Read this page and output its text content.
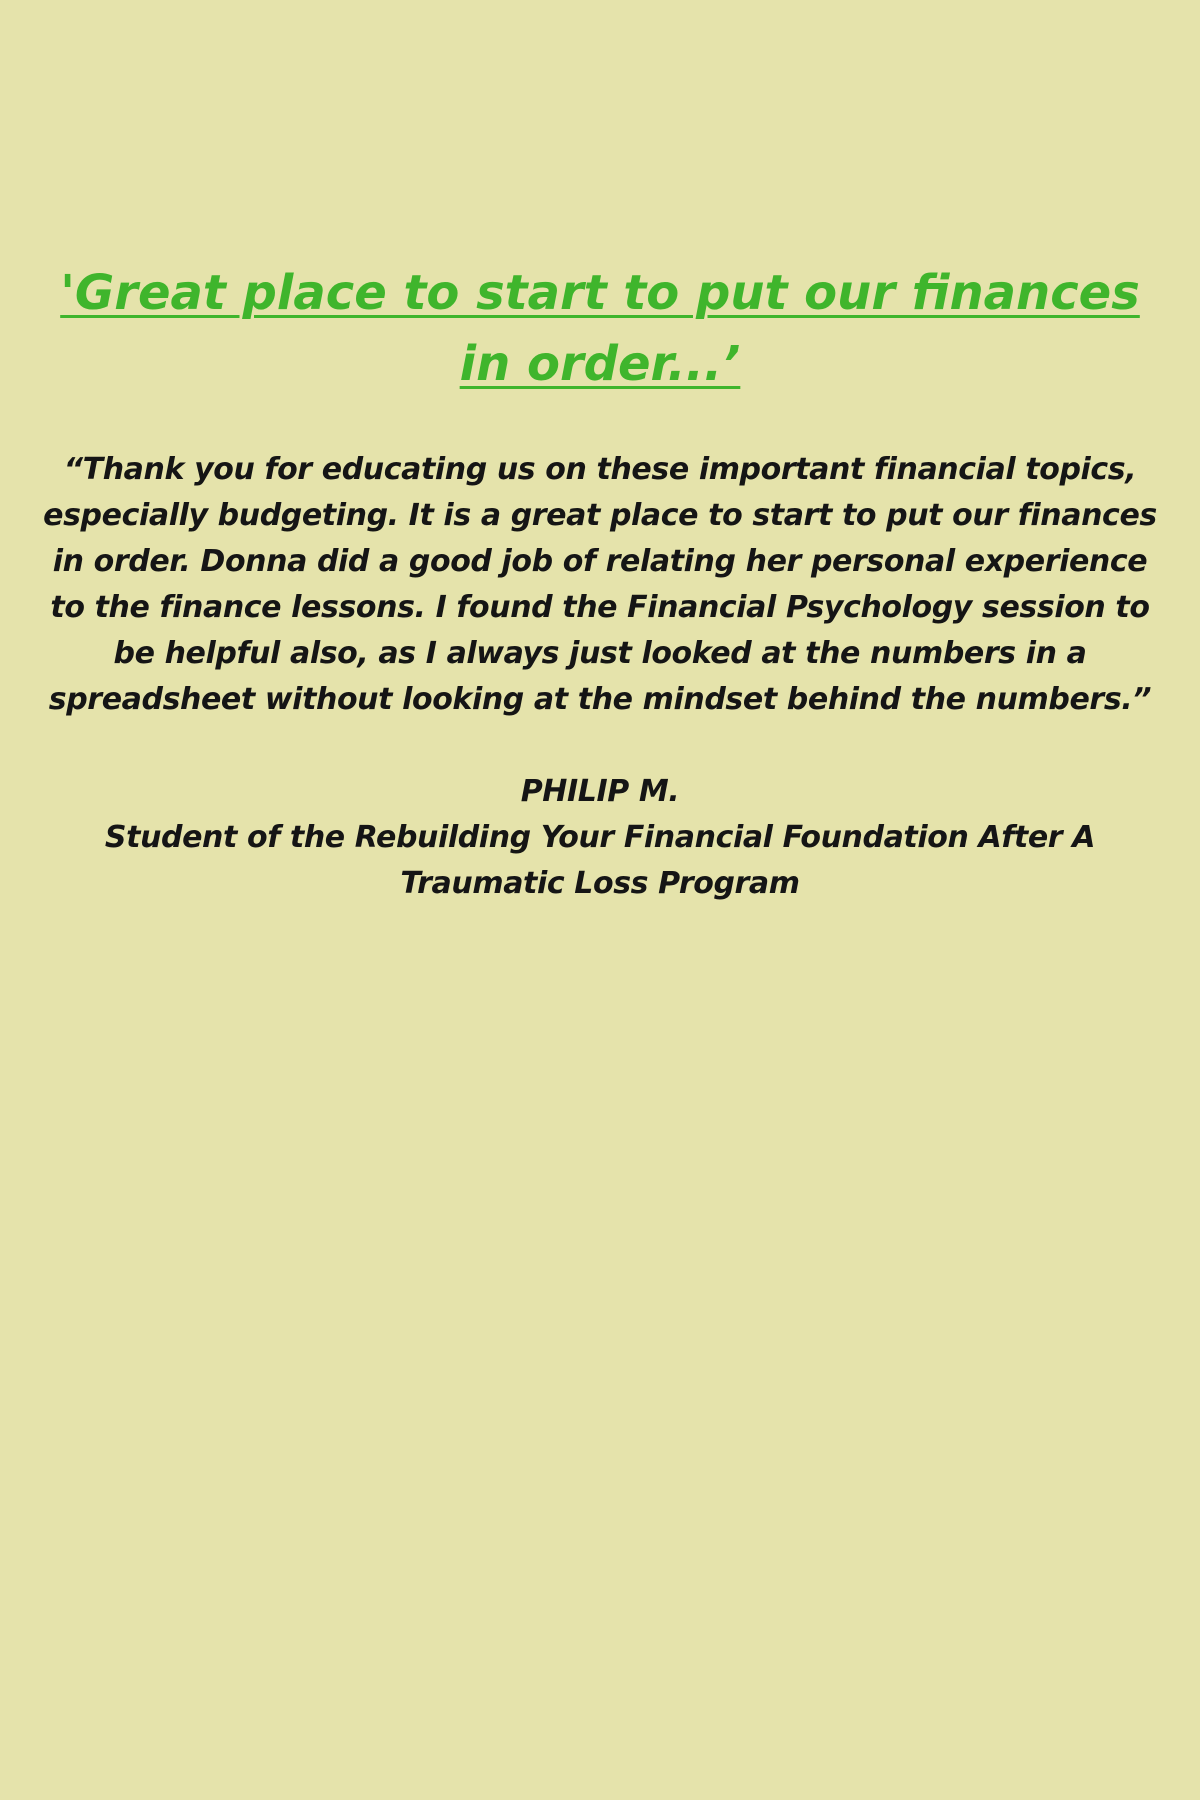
'Great place to start to put our finances
in order...’
“Thank you for educating us on these important financial topics,
especially budgeting. It is a great place to start to put our finances
in order. Donna did a good job of relating her personal experience
to the finance lessons. I found the Financial Psychology session to
be helpful also, as I always just looked at the numbers in a
spreadsheet without looking at the mindset behind the numbers.”
PHILIP M.
Student of the Rebuilding Your Financial Foundation After A
Traumatic Loss Program
